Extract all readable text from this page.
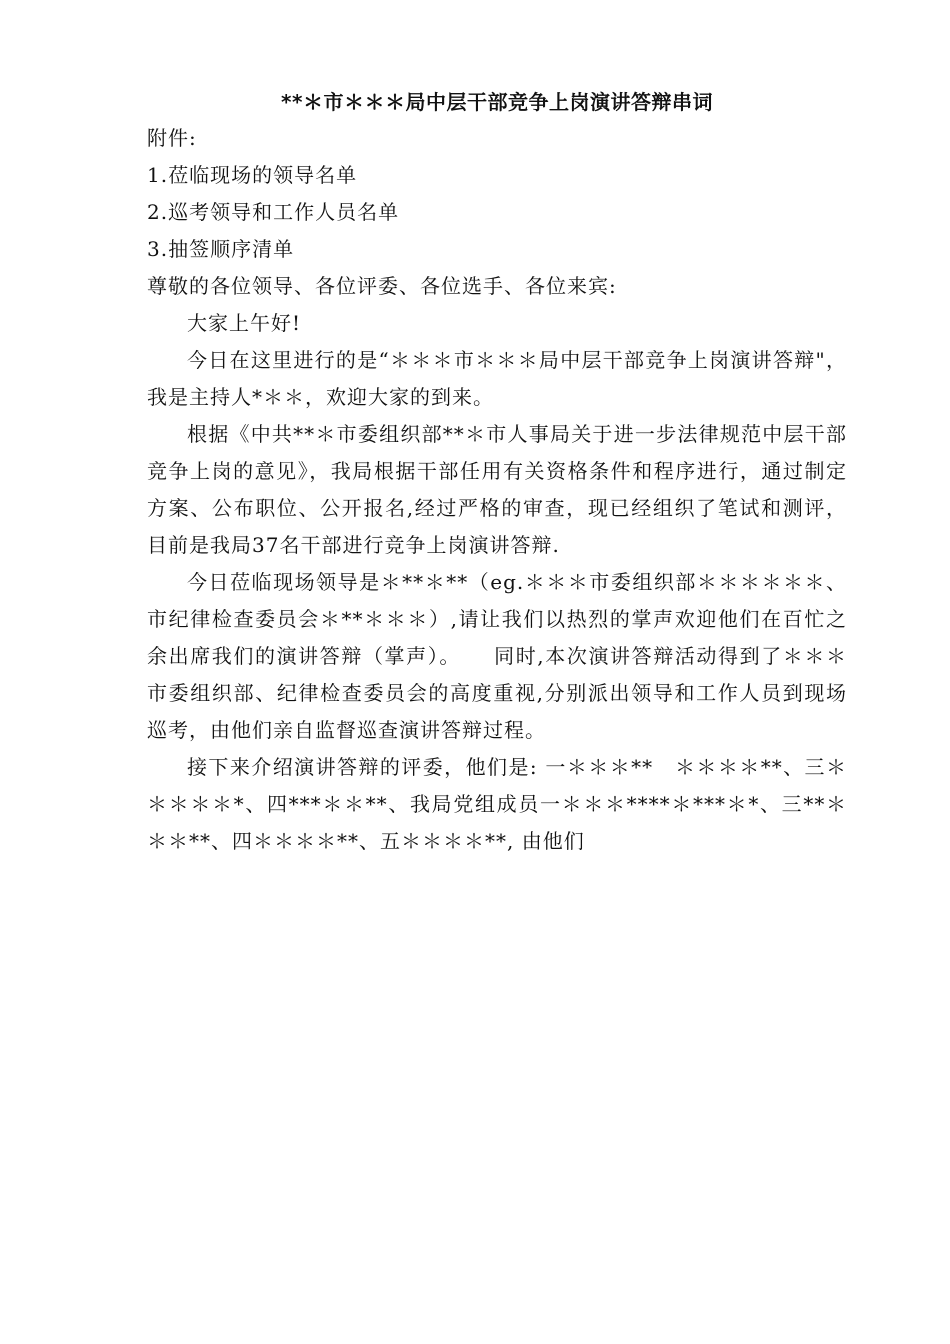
**＊市＊＊＊局中层干部竞争上岗演讲答辩串词

附件:

1.莅临现场的领导名单

2.巡考领导和工作人员名单

3.抽签顺序清单

尊敬的各位领导、各位评委、各位选手、各位来宾:

大家上午好!

今日在这里进行的是“＊＊＊市＊＊＊局中层干部竞争上岗演讲答辩"，我是主持人*＊＊，欢迎大家的到来。

根据《中共**＊市委组织部**＊市人事局关于进一步法律规范中层干部竞争上岗的意见》，我局根据干部任用有关资格条件和程序进行，通过制定方案、公布职位、公开报名,经过严格的审查，现已经组织了笔试和测评，目前是我局37名干部进行竞争上岗演讲答辩.

今日莅临现场领导是＊**＊**（eg.＊＊＊市委组织部＊＊＊＊＊＊、市纪律检查委员会＊**＊＊＊）,请让我们以热烈的掌声欢迎他们在百忙之余出席我们的演讲答辩（掌声）。　　同时,本次演讲答辩活动得到了＊＊＊市委组织部、纪律检查委员会的高度重视,分别派出领导和工作人员到现场巡考，由他们亲自监督巡查演讲答辩过程。

接下来介绍演讲答辩的评委，他们是: 一＊＊＊**　＊＊＊＊**、三＊＊＊＊＊*、四***＊＊**、我局党组成员一＊＊＊****＊***＊*、三**＊＊＊**、四＊＊＊＊**、五＊＊＊＊**, 由他们
